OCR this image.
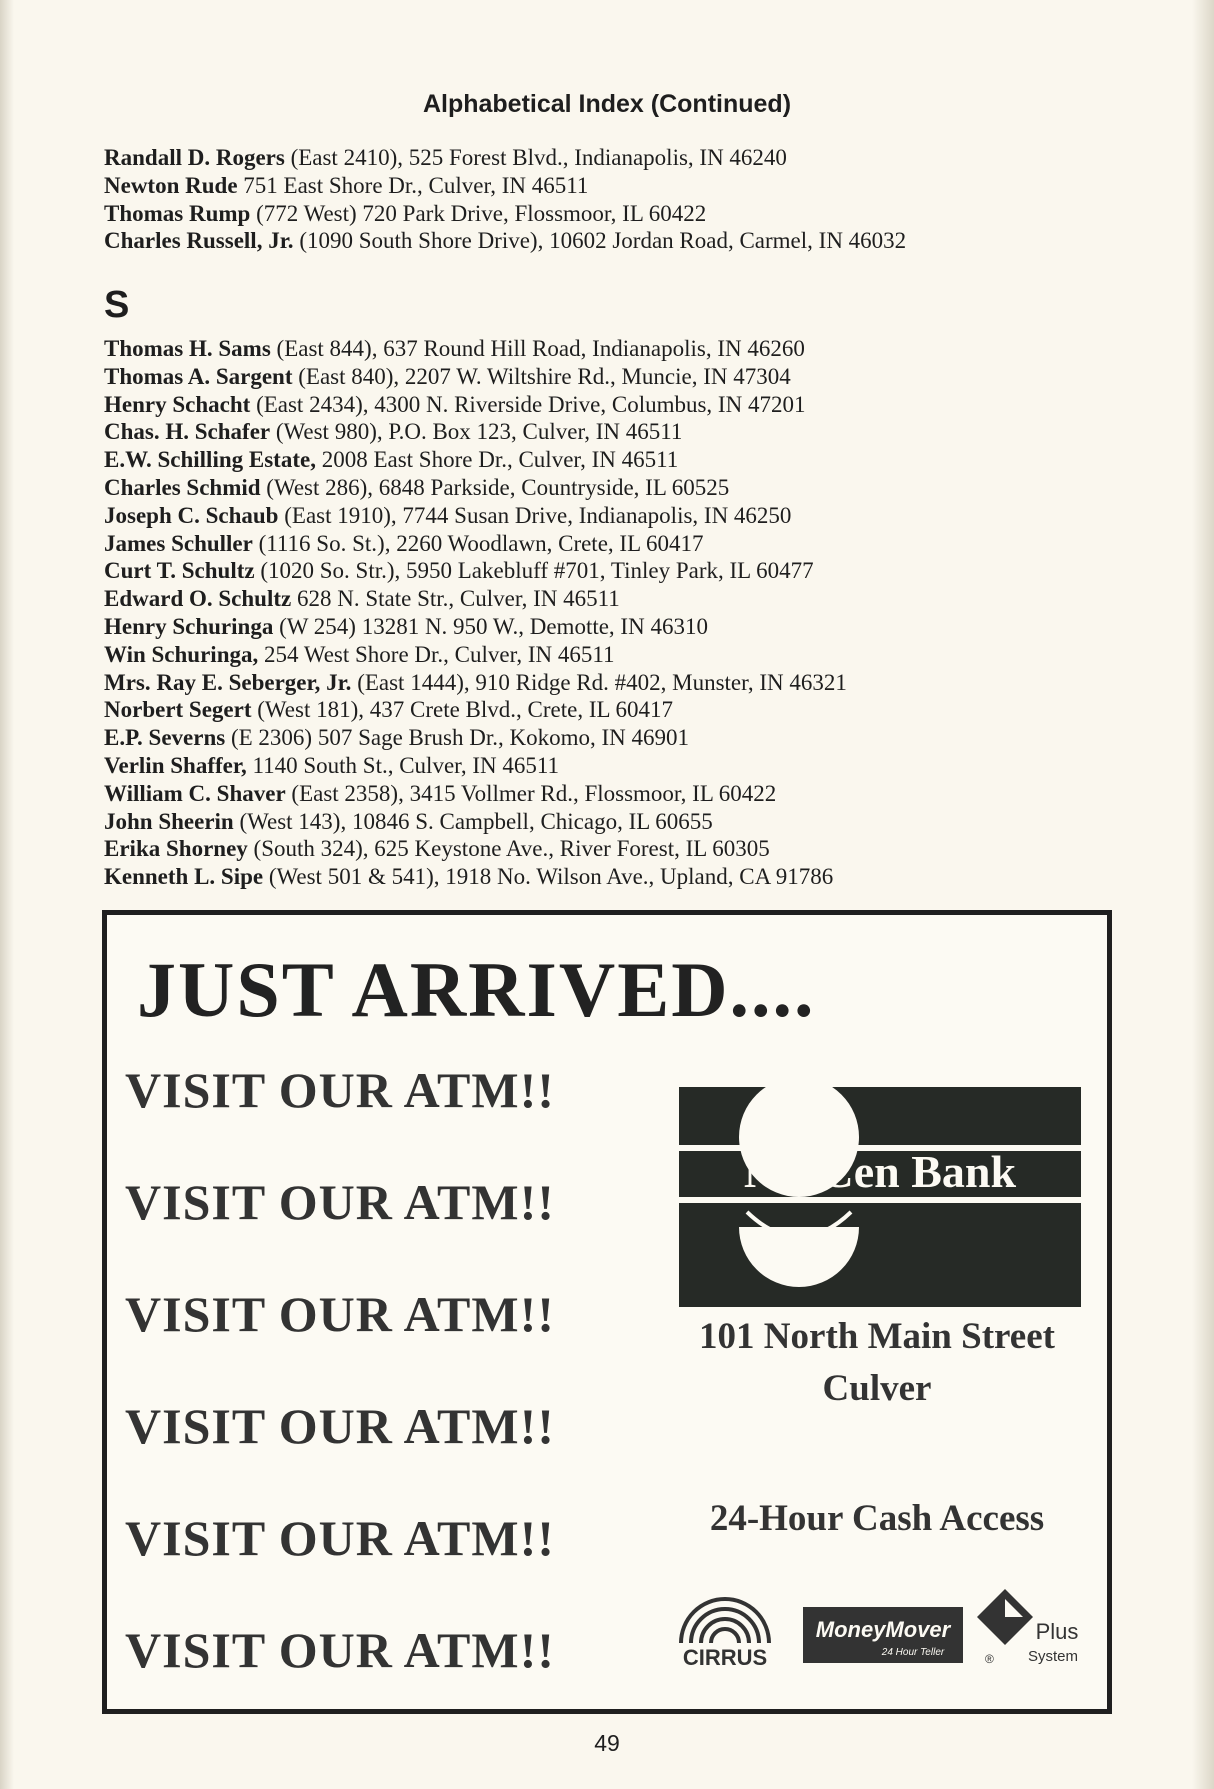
Alphabetical Index (Continued)
Randall D. Rogers (East 2410), 525 Forest Blvd., Indianapolis, IN 46240
Newton Rude 751 East Shore Dr., Culver, IN 46511
Thomas Rump (772 West) 720 Park Drive, Flossmoor, IL 60422
Charles Russell, Jr. (1090 South Shore Drive), 10602 Jordan Road, Carmel, IN 46032
S
Thomas H. Sams (East 844), 637 Round Hill Road, Indianapolis, IN 46260
Thomas A. Sargent (East 840), 2207 W. Wiltshire Rd., Muncie, IN 47304
Henry Schacht (East 2434), 4300 N. Riverside Drive, Columbus, IN 47201
Chas. H. Schafer (West 980), P.O. Box 123, Culver, IN 46511
E.W. Schilling Estate, 2008 East Shore Dr., Culver, IN 46511
Charles Schmid (West 286), 6848 Parkside, Countryside, IL 60525
Joseph C. Schaub (East 1910), 7744 Susan Drive, Indianapolis, IN 46250
James Schuller (1116 So. St.), 2260 Woodlawn, Crete, IL 60417
Curt T. Schultz (1020 So. Str.), 5950 Lakebluff #701, Tinley Park, IL 60477
Edward O. Schultz 628 N. State Str., Culver, IN 46511
Henry Schuringa (W 254) 13281 N. 950 W., Demotte, IN 46310
Win Schuringa, 254 West Shore Dr., Culver, IN 46511
Mrs. Ray E. Seberger, Jr. (East 1444), 910 Ridge Rd. #402, Munster, IN 46321
Norbert Segert (West 181), 437 Crete Blvd., Crete, IL 60417
E.P. Severns (E 2306) 507 Sage Brush Dr., Kokomo, IN 46901
Verlin Shaffer, 1140 South St., Culver, IN 46511
William C. Shaver (East 2358), 3415 Vollmer Rd., Flossmoor, IL 60422
John Sheerin (West 143), 10846 S. Campbell, Chicago, IL 60655
Erika Shorney (South 324), 625 Keystone Ave., River Forest, IL 60305
Kenneth L. Sipe (West 501 & 541), 1918 No. Wilson Ave., Upland, CA 91786
JUST ARRIVED....
VISIT OUR ATM!!
VISIT OUR ATM!!
VISIT OUR ATM!!
VISIT OUR ATM!!
VISIT OUR ATM!!
VISIT OUR ATM!!
NorCen Bank
101 North Main Street
Culver
24-Hour Cash Access
CIRRUS
MoneyMover
24 Hour Teller
Plus
® System
49
